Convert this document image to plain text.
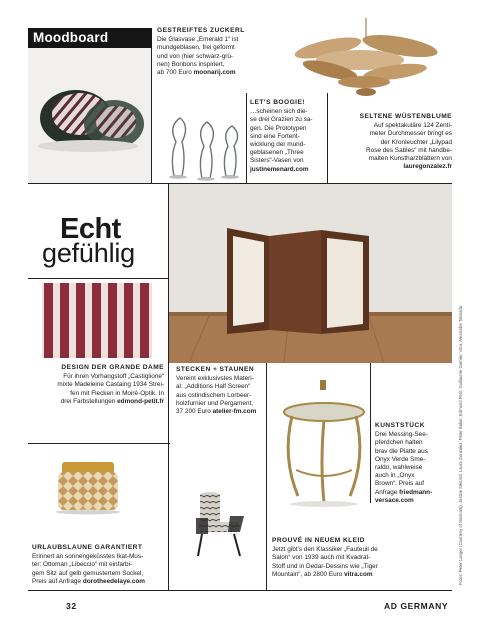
Moodboard	GESTREIFTES ZUCKERL
Die Glasvase „Emerald 1“ ist
mundgeblasen, frei geformt
und von (hier schwarz-grü-
nen) Bonbons inspiriert,
ab 700 Euro moonarij.com
LET’S BOOGIE!
…scheinen sich die-
se drei Grazien zu sa-
gen. Die Prototypen
sind eine Fortent-
wicklung der mund-
geblasenen „Three
Sisters“-Vasen von
justinemenard.com
SELTENE WÜSTENBLUME
Auf spektakuläre 124 Zenti-
meter Durchmesser bringt es
der Kronleuchter „Lilypad
Rose des Sables“ mit handbe-
malten Kunstharzblättern von
lauregonzalez.fr
Echt
gefühlig
DESIGN DER GRANDE DAME
Für ihren Vorhangstoff „Castiglione“
mixte Madeleine Castaing 1934 Strei-
fen mit Flecken in Moiré-Optik. In
drei Farbstellungen edmond-petit.fr
STECKEN + STAUNEN
Vereint exklusivstes Materi-
al: „Additions Half Screen“
aus ostindischem Lorbeer-
holzfurnier und Pergament,
37 200 Euro atelier-fm.com
KUNSTSTÜCK
Drei Messing-See-
pferdchen halten
brav die Platte aus
Onyx Verde Sme-
raldo, wahlweise
auch in „Onyx
Brown“. Preis auf
Anfrage friedmann-
versace.com
URLAUBSLAUNE GARANTIERT
Erinnert an sonnengeküsstes Ikat-Mus-
ter: Ottoman „Libeccio“ mit einfarbi-
gem Sitz auf gelb gemustertem Sockel,
Preis auf Anfrage dorotheedelaye.com
PROUVÉ IN NEUEM KLEID
Jetzt gibt’s den Klassiker „Fauteuil de
Salon“ von 1939 auch mit Kvadrat-
Stoff und in Dedar-Dessins wie „Tiger
Mountain“, ab 2800 Euro vitra.com	Fotos: Peter Langer (Courtesy of Moonarij), Justine Ménard, Laura Gonzalez, Peter Baker, Edmond Petit, Guillaume Garnier, Vitra, Alexandre Taboada
32	AD GERMANY
